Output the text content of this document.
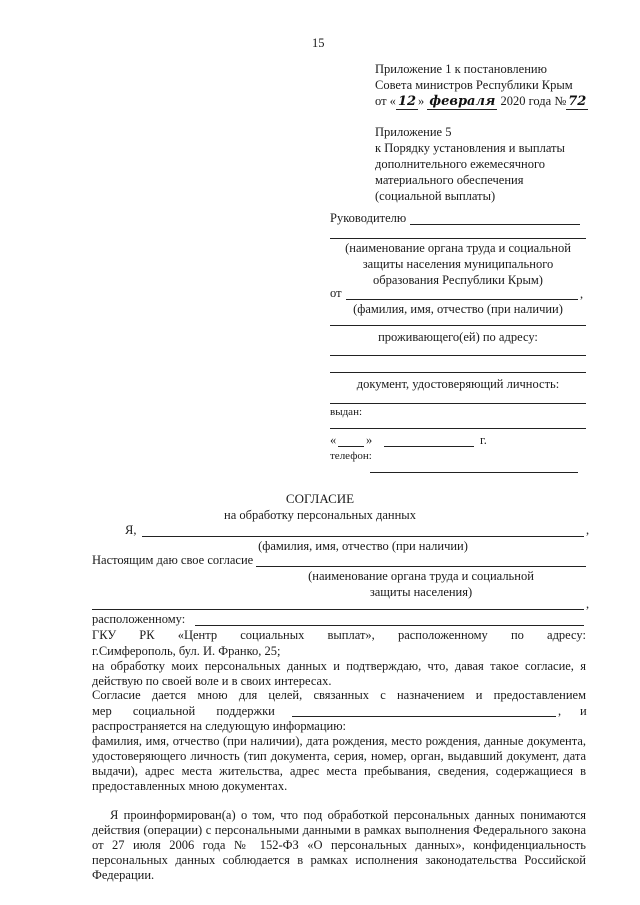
15
Приложение 1 к постановлению
Совета министров Республики Крым
от « 12 » февраля 2020 года № 72
Приложение 5
к Порядку установления и выплаты
дополнительного ежемесячного
материального обеспечения
(социальной выплаты)
Руководителю
(наименование органа труда и социальной
защиты населения муниципального
образования Республики Крым)
от	,
(фамилия, имя, отчество (при наличии)
проживающего(ей) по адресу:
документ, удостоверяющий личность:
выдан:
« »	г.
телефон:
СОГЛАСИЕ
на обработку персональных данных
Я,	,
(фамилия, имя, отчество (при наличии)
Настоящим даю свое согласие
(наименование органа труда и социальной
защиты населения)
,
расположенному:
ГКУ РК «Центр социальных выплат», расположенному по адресу:
г.Симферополь, бул. И. Франко, 25;
на обработку моих персональных данных и подтверждаю, что, давая такое согласие, я действую по своей воле и в своих интересах.
Согласие дается мною для целей, связанных с назначением и предоставлением
мер социальной поддержки	, и
распространяется на следующую информацию:
фамилия, имя, отчество (при наличии), дата рождения, место рождения, данные документа, удостоверяющего личность (тип документа, серия, номер, орган, выдавший документ, дата выдачи), адрес места жительства, адрес места пребывания, сведения, содержащиеся в предоставленных мною документах.
Я проинформирован(а) о том, что под обработкой персональных данных понимаются действия (операции) с персональными данными в рамках выполнения Федерального закона от 27 июля 2006 года № 152-ФЗ «О персональных данных», конфиденциальность персональных данных соблюдается в рамках исполнения законодательства Российской Федерации.
